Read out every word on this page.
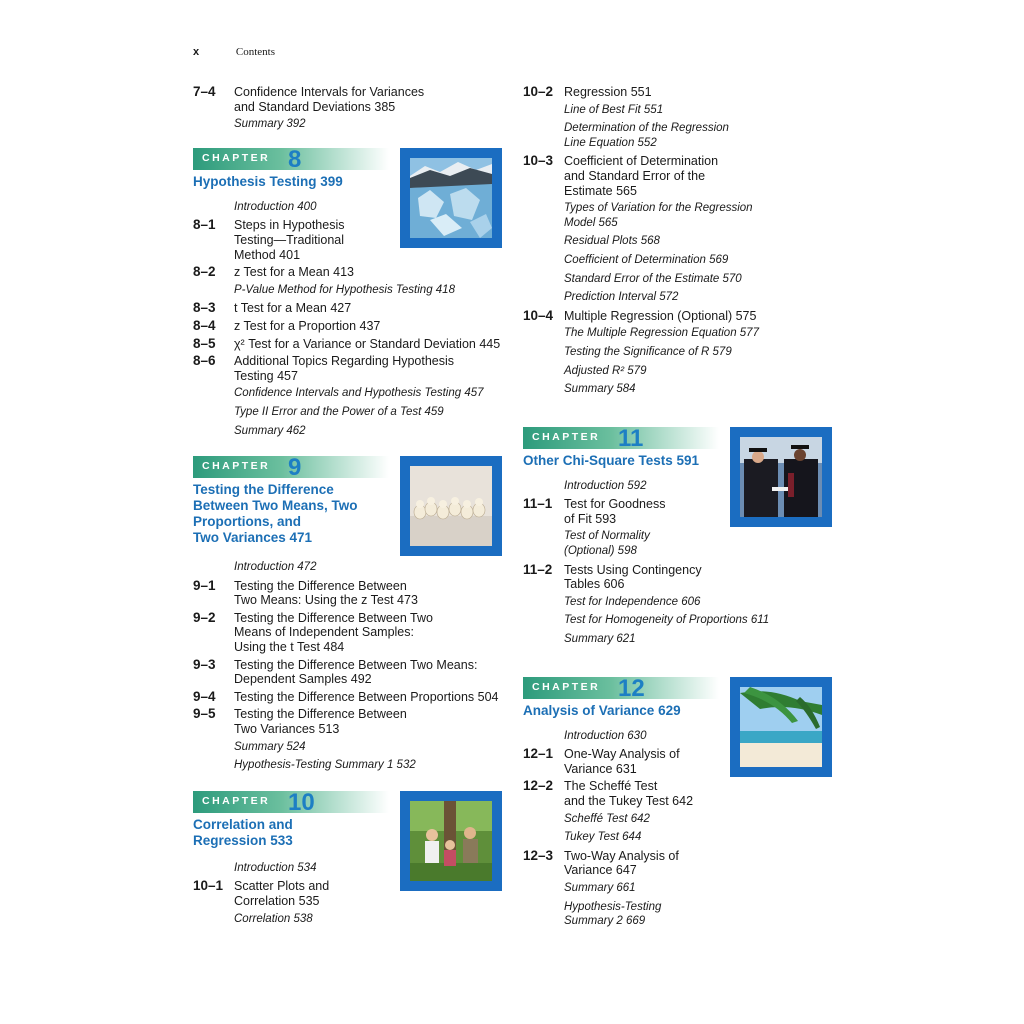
x	Contents
7–4	Confidence Intervals for Variances
and Standard Deviations 385
Summary 392
CHAPTER 8
Hypothesis Testing 399
Introduction 400
8–1	Steps in Hypothesis
Testing—Traditional
Method 401
8–2	z Test for a Mean 413
P-Value Method for Hypothesis Testing 418
8–3	t Test for a Mean 427
8–4	z Test for a Proportion 437
8–5	χ² Test for a Variance or Standard Deviation 445
8–6	Additional Topics Regarding Hypothesis
Testing 457
Confidence Intervals and Hypothesis Testing 457
Type II Error and the Power of a Test 459
Summary 462
CHAPTER 9
Testing the Difference
Between Two Means, Two
Proportions, and
Two Variances 471
Introduction 472
9–1	Testing the Difference Between
Two Means: Using the z Test 473
9–2	Testing the Difference Between Two
Means of Independent Samples:
Using the t Test 484
9–3	Testing the Difference Between Two Means:
Dependent Samples 492
9–4	Testing the Difference Between Proportions 504
9–5	Testing the Difference Between
Two Variances 513
Summary 524
Hypothesis-Testing Summary 1 532
CHAPTER 10
Correlation and
Regression 533
Introduction 534
10–1 Scatter Plots and
Correlation 535
Correlation 538
10–2 Regression 551
Line of Best Fit 551
Determination of the Regression
Line Equation 552
10–3 Coefficient of Determination
and Standard Error of the
Estimate 565
Types of Variation for the Regression
Model 565
Residual Plots 568
Coefficient of Determination 569
Standard Error of the Estimate 570
Prediction Interval 572
10–4 Multiple Regression (Optional) 575
The Multiple Regression Equation 577
Testing the Significance of R 579
Adjusted R² 579
Summary 584
CHAPTER 11
Other Chi-Square Tests 591
Introduction 592
11–1 Test for Goodness
of Fit 593
Test of Normality
(Optional) 598
11–2 Tests Using Contingency
Tables 606
Test for Independence 606
Test for Homogeneity of Proportions 611
Summary 621
CHAPTER 12
Analysis of Variance 629
Introduction 630
12–1 One-Way Analysis of
Variance 631
12–2 The Scheffé Test
and the Tukey Test 642
Scheffé Test 642
Tukey Test 644
12–3 Two-Way Analysis of
Variance 647
Summary 661
Hypothesis-Testing
Summary 2 669
